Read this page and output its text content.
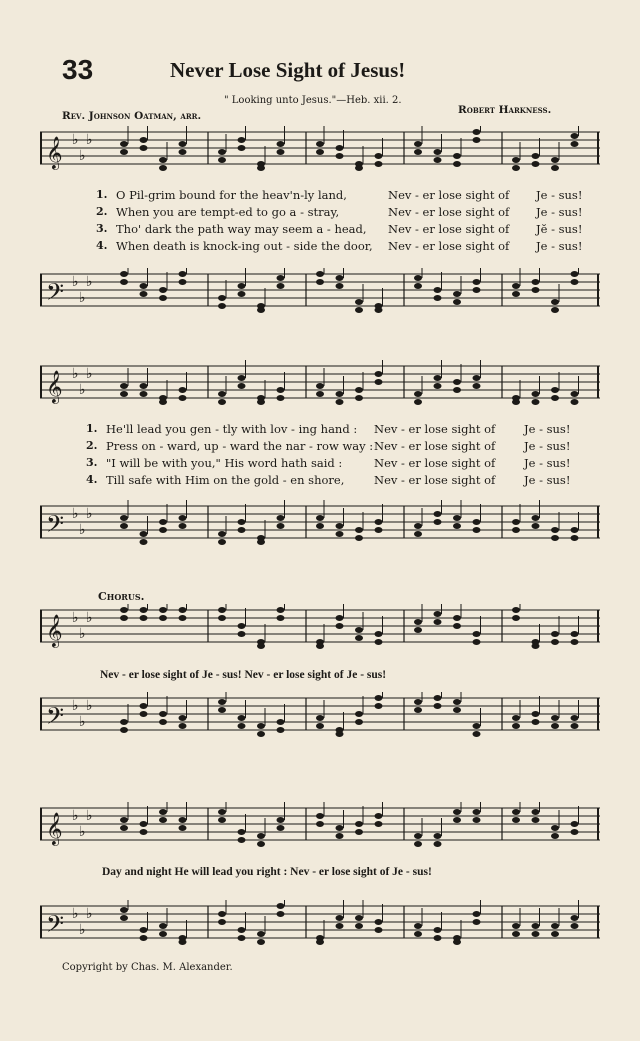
33	Never Lose Sight of Jesus!
" Looking unto Jesus."—Heb. xii. 2.
Rev. Johnson Oatman, arr.	Robert Harkness.
𝄞 ♭
♭
♭
1. O Pil-grim bound for the heav'n-ly land,	Nev - er lose sight of Je - sus!
2. When you are tempt-ed to go a - stray,	Nev - er lose sight of Je - sus!
3. Tho' dark the path way may seem a - head, Nev - er lose sight of Jĕ - sus!
4. When death is knock-ing out - side the door, Nev - er lose sight of Je - sus!
𝄢 ♭
♭
♭
𝄞 ♭
♭
♭
1. He'll lead you gen - tly with lov - ing hand : Nev - er lose sight of Je - sus!
2. Press on - ward, up - ward the nar - row way : Nev - er lose sight of Je - sus!
3. "I will be with you," His word hath said :	Nev - er lose sight of Je - sus!
4. Till safe with Him on the gold - en shore,	Nev - er lose sight of Je - sus!
𝄢 ♭
♭
♭
Chorus.
𝄞 ♭
♭
♭
Nev - er lose sight of Je - sus! Nev - er lose sight of Je - sus!
𝄢 ♭
♭
♭
𝄞 ♭
♭
♭
Day and night He will lead you right : Nev - er lose sight of Je - sus!
𝄢 ♭
♭
♭
Copyright by Chas. M. Alexander.
